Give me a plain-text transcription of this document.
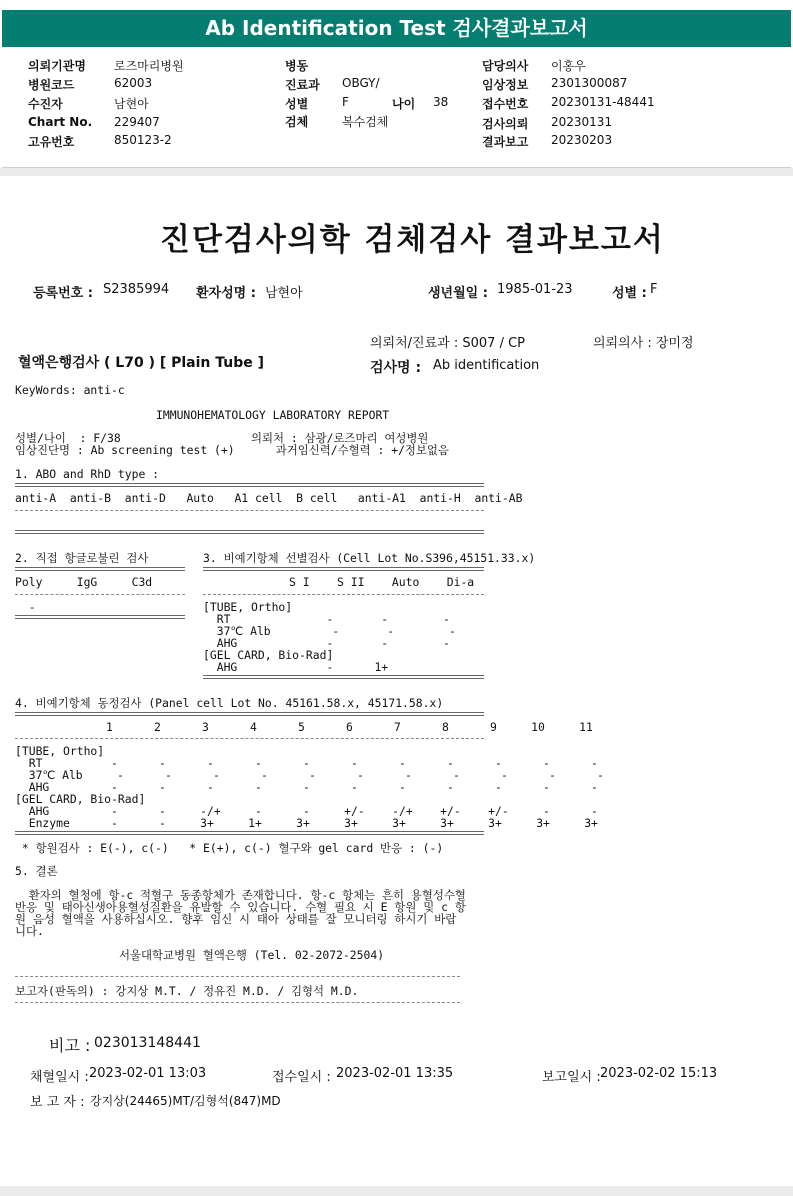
Ab Identification Test 검사결과보고서
의뢰기관명 로즈마리병원
병원코드	62003
수진자	남현아
Chart No. 229407
고유번호	850123-2
병동
진료과 OBGY/
성별	F	나이 38
검체	복수검체
담당의사 이홍우
임상정보 2301300087
접수번호 20230131-48441
검사의뢰 20230131
결과보고 20230203
진단검사의학 검체검사 결과보고서
등록번호 : S2385994 환자성명 : 남현아	생년월일 : 1985-01-23	성별 : F
의뢰처/진료과 : S007 / CP	의뢰의사 : 장미정
혈액은행검사 ( L70 ) [ Plain Tube ]	검사명 : Ab identification
KeyWords: anti-c
IMMUNOHEMATOLOGY LABORATORY REPORT
성별/나이  : F/38                   의뢰처 : 삼광/로즈마리 여성병원
임상진단명 : Ab screening test (+)      과거임신력/수혈력 : +/정보없음
1. ABO and RhD type :
anti-A  anti-B  anti-D   Auto   A1 cell  B cell   anti-A1  anti-H  anti-AB
2. 직접 항글로불린 검사
Poly     IgG     C3d
-
3. 비예기항체 선별검사 (Cell Lot No.S396,45151.33.x)
S I    S II    Auto    Di-a
[TUBE, Ortho]
RT              -       -        -
37℃ Alb         -       -        -
AHG             -       -        -
[GEL CARD, Bio-Rad]
AHG             -      1+
4. 비예기항체 동정검사 (Panel cell Lot No. 45161.58.x, 45171.58.x)
1      2      3      4      5      6      7      8      9     10     11
[TUBE, Ortho]
RT          -      -      -      -      -      -      -      -      -      -      -
37℃ Alb     -      -      -      -      -      -      -      -      -      -      -
AHG         -      -      -      -      -      -      -      -      -      -      -
[GEL CARD, Bio-Rad]
AHG         -      -     -/+     -      -     +/-    -/+    +/-    +/-     -      -
Enzyme      -      -     3+     1+     3+     3+     3+     3+     3+     3+     3+
* 항원검사 : E(-), c(-)   * E(+), c(-) 혈구와 gel card 반응 : (-)
5. 결론
환자의 혈청에 항-c 적혈구 동종항체가 존재합니다. 항-c 항체는 흔히 용혈성수혈
반응 및 태아신생아용혈성질환을 유발할 수 있습니다. 수혈 필요 시 E 항원 및 c 항
원 음성 혈액을 사용하십시오. 향후 임신 시 태아 상태를 잘 모니터링 하시기 바랍
니다.
서울대학교병원 혈액은행 (Tel. 02-2072-2504)
보고자(판독의) : 강지상 M.T. / 정유진 M.D. / 김형석 M.D.
비고 : 023013148441
채혈일시 : 2023-02-01 13:03	접수일시 : 2023-02-01 13:35	보고일시 : 2023-02-02 15:13
보 고 자 : 강지상(24465)MT/김형석(847)MD
